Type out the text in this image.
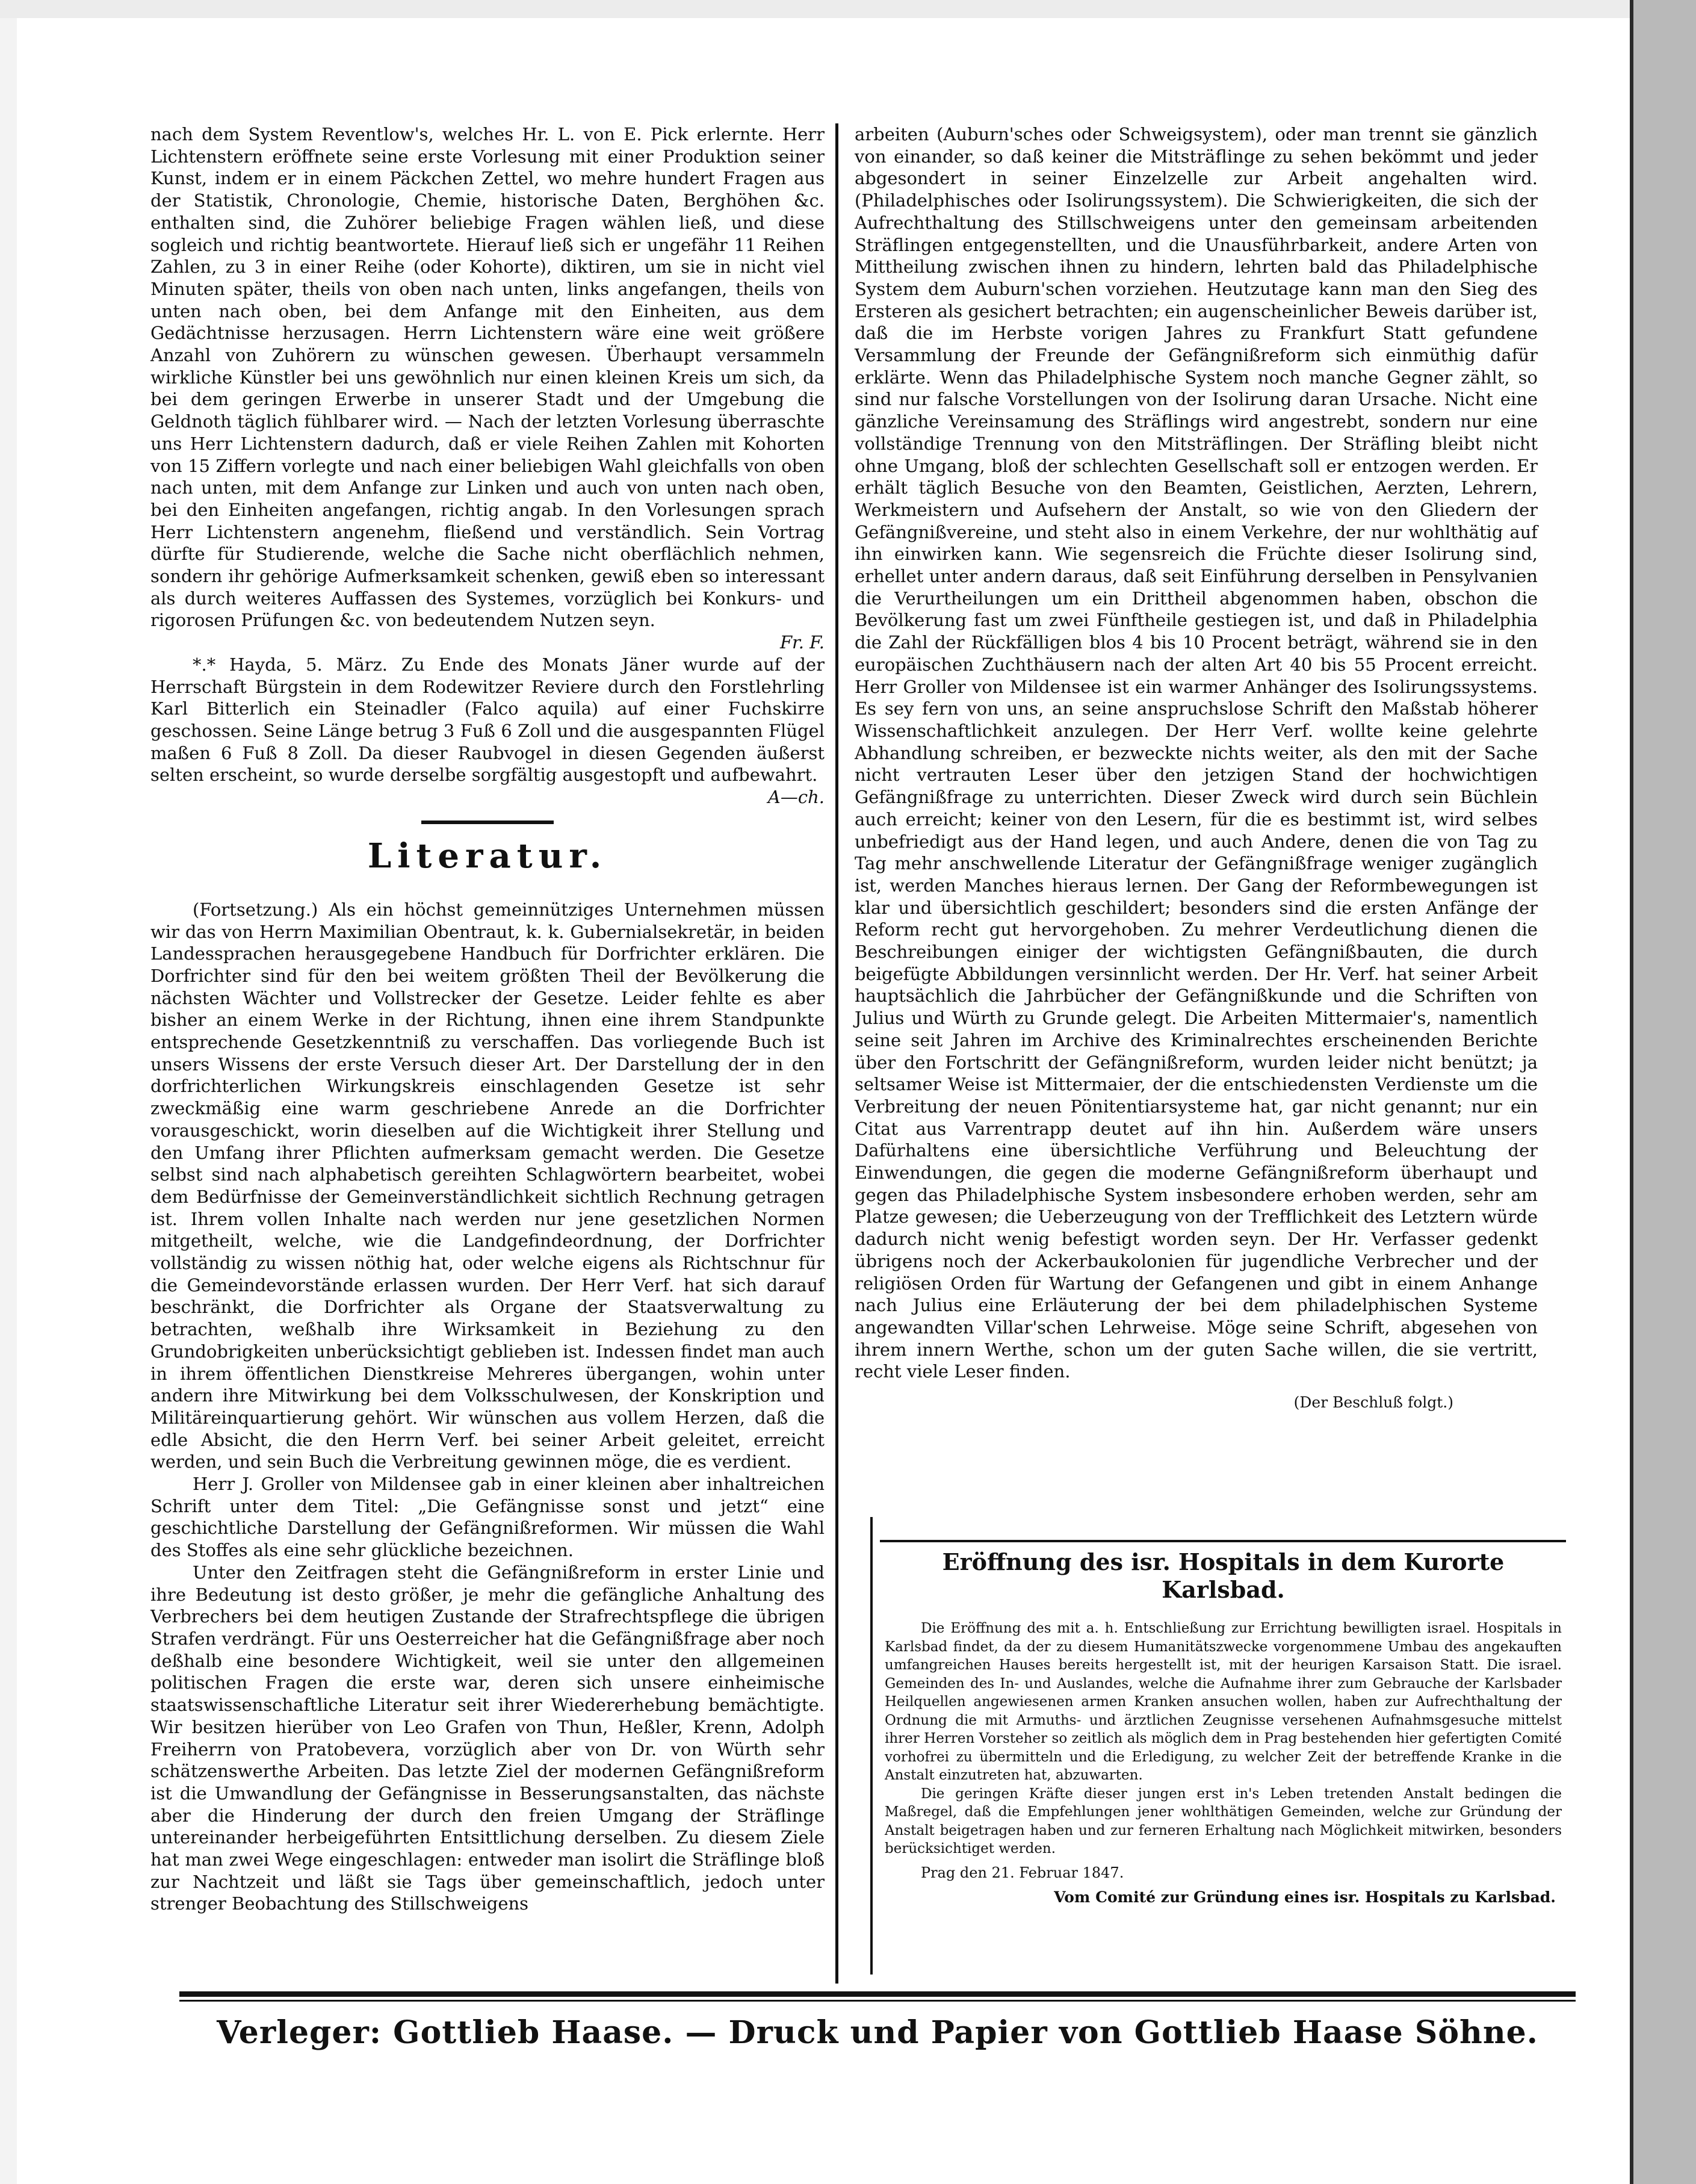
nach dem System Reventlow's, welches Hr. L. von E. Pick erlernte. Herr Lichtenstern eröffnete seine erste Vorlesung mit einer Produktion seiner Kunst, indem er in einem Päckchen Zettel, wo mehre hundert Fragen aus der Statistik, Chronologie, Chemie, historische Daten, Berghöhen &c. enthalten sind, die Zuhörer beliebige Fragen wählen ließ, und diese sogleich und richtig beantwortete. Hierauf ließ sich er ungefähr 11 Reihen Zahlen, zu 3 in einer Reihe (oder Kohorte), diktiren, um sie in nicht viel Minuten später, theils von oben nach unten, links angefangen, theils von unten nach oben, bei dem Anfange mit den Einheiten, aus dem Gedächtnisse herzusagen. Herrn Lichtenstern wäre eine weit größere Anzahl von Zuhörern zu wünschen gewesen. Überhaupt versammeln wirkliche Künstler bei uns gewöhnlich nur einen kleinen Kreis um sich, da bei dem geringen Erwerbe in unserer Stadt und der Umgebung die Geldnoth täglich fühlbarer wird. — Nach der letzten Vorlesung überraschte uns Herr Lichtenstern dadurch, daß er viele Reihen Zahlen mit Kohorten von 15 Ziffern vorlegte und nach einer beliebigen Wahl gleichfalls von oben nach unten, mit dem Anfange zur Linken und auch von unten nach oben, bei den Einheiten angefangen, richtig angab. In den Vorlesungen sprach Herr Lichtenstern angenehm, fließend und verständlich. Sein Vortrag dürfte für Studierende, welche die Sache nicht oberflächlich nehmen, sondern ihr gehörige Aufmerksamkeit schenken, gewiß eben so interessant als durch weiteres Auffassen des Systemes, vorzüglich bei Konkurs- und rigorosen Prüfungen &c. von bedeutendem Nutzen seyn.

Fr. F.

*.* Hayda, 5. März. Zu Ende des Monats Jäner wurde auf der Herrschaft Bürgstein in dem Rodewitzer Reviere durch den Forstlehrling Karl Bitterlich ein Steinadler (Falco aquila) auf einer Fuchskirre geschossen. Seine Länge betrug 3 Fuß 6 Zoll und die ausgespannten Flügel maßen 6 Fuß 8 Zoll. Da dieser Raubvogel in diesen Gegenden äußerst selten erscheint, so wurde derselbe sorgfältig ausgestopft und aufbewahrt.

A—ch.

Literatur.

(Fortsetzung.) Als ein höchst gemeinnütziges Unternehmen müssen wir das von Herrn Maximilian Obentraut, k. k. Gubernialsekretär, in beiden Landessprachen herausgegebene Handbuch für Dorfrichter erklären. Die Dorfrichter sind für den bei weitem größten Theil der Bevölkerung die nächsten Wächter und Vollstrecker der Gesetze. Leider fehlte es aber bisher an einem Werke in der Richtung, ihnen eine ihrem Standpunkte entsprechende Gesetzkenntniß zu verschaffen. Das vorliegende Buch ist unsers Wissens der erste Versuch dieser Art. Der Darstellung der in den dorfrichterlichen Wirkungskreis einschlagenden Gesetze ist sehr zweckmäßig eine warm geschriebene Anrede an die Dorfrichter vorausgeschickt, worin dieselben auf die Wichtigkeit ihrer Stellung und den Umfang ihrer Pflichten aufmerksam gemacht werden. Die Gesetze selbst sind nach alphabetisch gereihten Schlagwörtern bearbeitet, wobei dem Bedürfnisse der Gemeinverständlichkeit sichtlich Rechnung getragen ist. Ihrem vollen Inhalte nach werden nur jene gesetzlichen Normen mitgetheilt, welche, wie die Landgefindeordnung, der Dorfrichter vollständig zu wissen nöthig hat, oder welche eigens als Richtschnur für die Gemeindevorstände erlassen wurden. Der Herr Verf. hat sich darauf beschränkt, die Dorfrichter als Organe der Staatsverwaltung zu betrachten, weßhalb ihre Wirksamkeit in Beziehung zu den Grundobrigkeiten unberücksichtigt geblieben ist. Indessen findet man auch in ihrem öffentlichen Dienstkreise Mehreres übergangen, wohin unter andern ihre Mitwirkung bei dem Volksschulwesen, der Konskription und Militäreinquartierung gehört. Wir wünschen aus vollem Herzen, daß die edle Absicht, die den Herrn Verf. bei seiner Arbeit geleitet, erreicht werden, und sein Buch die Verbreitung gewinnen möge, die es verdient.

Herr J. Groller von Mildensee gab in einer kleinen aber inhaltreichen Schrift unter dem Titel: „Die Gefängnisse sonst und jetzt“ eine geschichtliche Darstellung der Gefängnißreformen. Wir müssen die Wahl des Stoffes als eine sehr glückliche bezeichnen.

Unter den Zeitfragen steht die Gefängnißreform in erster Linie und ihre Bedeutung ist desto größer, je mehr die gefängliche Anhaltung des Verbrechers bei dem heutigen Zustande der Strafrechtspflege die übrigen Strafen verdrängt. Für uns Oesterreicher hat die Gefängnißfrage aber noch deßhalb eine besondere Wichtigkeit, weil sie unter den allgemeinen politischen Fragen die erste war, deren sich unsere einheimische staatswissenschaftliche Literatur seit ihrer Wiedererhebung bemächtigte. Wir besitzen hierüber von Leo Grafen von Thun, Heßler, Krenn, Adolph Freiherrn von Pratobevera, vorzüglich aber von Dr. von Würth sehr schätzenswerthe Arbeiten. Das letzte Ziel der modernen Gefängnißreform ist die Umwandlung der Gefängnisse in Besserungsanstalten, das nächste aber die Hinderung der durch den freien Umgang der Sträflinge untereinander herbeigeführten Entsittlichung derselben. Zu diesem Ziele hat man zwei Wege eingeschlagen: entweder man isolirt die Sträflinge bloß zur Nachtzeit und läßt sie Tags über gemeinschaftlich, jedoch unter strenger Beobachtung des Stillschweigens

arbeiten (Auburn'sches oder Schweigsystem), oder man trennt sie gänzlich von einander, so daß keiner die Mitsträflinge zu sehen bekömmt und jeder abgesondert in seiner Einzelzelle zur Arbeit angehalten wird. (Philadelphisches oder Isolirungssystem). Die Schwierigkeiten, die sich der Aufrechthaltung des Stillschweigens unter den gemeinsam arbeitenden Sträflingen entgegenstellten, und die Unausführbarkeit, andere Arten von Mittheilung zwischen ihnen zu hindern, lehrten bald das Philadelphische System dem Auburn'schen vorziehen. Heutzutage kann man den Sieg des Ersteren als gesichert betrachten; ein augenscheinlicher Beweis darüber ist, daß die im Herbste vorigen Jahres zu Frankfurt Statt gefundene Versammlung der Freunde der Gefängnißreform sich einmüthig dafür erklärte. Wenn das Philadelphische System noch manche Gegner zählt, so sind nur falsche Vorstellungen von der Isolirung daran Ursache. Nicht eine gänzliche Vereinsamung des Sträflings wird angestrebt, sondern nur eine vollständige Trennung von den Mitsträflingen. Der Sträfling bleibt nicht ohne Umgang, bloß der schlechten Gesellschaft soll er entzogen werden. Er erhält täglich Besuche von den Beamten, Geistlichen, Aerzten, Lehrern, Werkmeistern und Aufsehern der Anstalt, so wie von den Gliedern der Gefängnißvereine, und steht also in einem Verkehre, der nur wohlthätig auf ihn einwirken kann. Wie segensreich die Früchte dieser Isolirung sind, erhellet unter andern daraus, daß seit Einführung derselben in Pensylvanien die Verurtheilungen um ein Drittheil abgenommen haben, obschon die Bevölkerung fast um zwei Fünftheile gestiegen ist, und daß in Philadelphia die Zahl der Rückfälligen blos 4 bis 10 Procent beträgt, während sie in den europäischen Zuchthäusern nach der alten Art 40 bis 55 Procent erreicht. Herr Groller von Mildensee ist ein warmer Anhänger des Isolirungssystems. Es sey fern von uns, an seine anspruchslose Schrift den Maßstab höherer Wissenschaftlichkeit anzulegen. Der Herr Verf. wollte keine gelehrte Abhandlung schreiben, er bezweckte nichts weiter, als den mit der Sache nicht vertrauten Leser über den jetzigen Stand der hochwichtigen Gefängnißfrage zu unterrichten. Dieser Zweck wird durch sein Büchlein auch erreicht; keiner von den Lesern, für die es bestimmt ist, wird selbes unbefriedigt aus der Hand legen, und auch Andere, denen die von Tag zu Tag mehr anschwellende Literatur der Gefängnißfrage weniger zugänglich ist, werden Manches hieraus lernen. Der Gang der Reformbewegungen ist klar und übersichtlich geschildert; besonders sind die ersten Anfänge der Reform recht gut hervorgehoben. Zu mehrer Verdeutlichung dienen die Beschreibungen einiger der wichtigsten Gefängnißbauten, die durch beigefügte Abbildungen versinnlicht werden. Der Hr. Verf. hat seiner Arbeit hauptsächlich die Jahrbücher der Gefängnißkunde und die Schriften von Julius und Würth zu Grunde gelegt. Die Arbeiten Mittermaier's, namentlich seine seit Jahren im Archive des Kriminalrechtes erscheinenden Berichte über den Fortschritt der Gefängnißreform, wurden leider nicht benützt; ja seltsamer Weise ist Mittermaier, der die entschiedensten Verdienste um die Verbreitung der neuen Pönitentiarsysteme hat, gar nicht genannt; nur ein Citat aus Varrentrapp deutet auf ihn hin. Außerdem wäre unsers Dafürhaltens eine übersichtliche Verführung und Beleuchtung der Einwendungen, die gegen die moderne Gefängnißreform überhaupt und gegen das Philadelphische System insbesondere erhoben werden, sehr am Platze gewesen; die Ueberzeugung von der Trefflichkeit des Letztern würde dadurch nicht wenig befestigt worden seyn. Der Hr. Verfasser gedenkt übrigens noch der Ackerbaukolonien für jugendliche Verbrecher und der religiösen Orden für Wartung der Gefangenen und gibt in einem Anhange nach Julius eine Erläuterung der bei dem philadelphischen Systeme angewandten Villar'schen Lehrweise. Möge seine Schrift, abgesehen von ihrem innern Werthe, schon um der guten Sache willen, die sie vertritt, recht viele Leser finden.

(Der Beschluß folgt.)

Eröffnung des isr. Hospitals in dem Kurorte Karlsbad.

Die Eröffnung des mit a. h. Entschließung zur Errichtung bewilligten israel. Hospitals in Karlsbad findet, da der zu diesem Humanitätszwecke vorgenommene Umbau des angekauften umfangreichen Hauses bereits hergestellt ist, mit der heurigen Karsaison Statt. Die israel. Gemeinden des In- und Auslandes, welche die Aufnahme ihrer zum Gebrauche der Karlsbader Heilquellen angewiesenen armen Kranken ansuchen wollen, haben zur Aufrechthaltung der Ordnung die mit Armuths- und ärztlichen Zeugnisse versehenen Aufnahmsgesuche mittelst ihrer Herren Vorsteher so zeitlich als möglich dem in Prag bestehenden hier gefertigten Comité vorhofrei zu übermitteln und die Erledigung, zu welcher Zeit der betreffende Kranke in die Anstalt einzutreten hat, abzuwarten.

Die geringen Kräfte dieser jungen erst in's Leben tretenden Anstalt bedingen die Maßregel, daß die Empfehlungen jener wohlthätigen Gemeinden, welche zur Gründung der Anstalt beigetragen haben und zur ferneren Erhaltung nach Möglichkeit mitwirken, besonders berücksichtiget werden.

Prag den 21. Februar 1847.

Vom Comité zur Gründung eines isr. Hospitals zu Karlsbad.

Verleger: Gottlieb Haase. — Druck und Papier von Gottlieb Haase Söhne.
